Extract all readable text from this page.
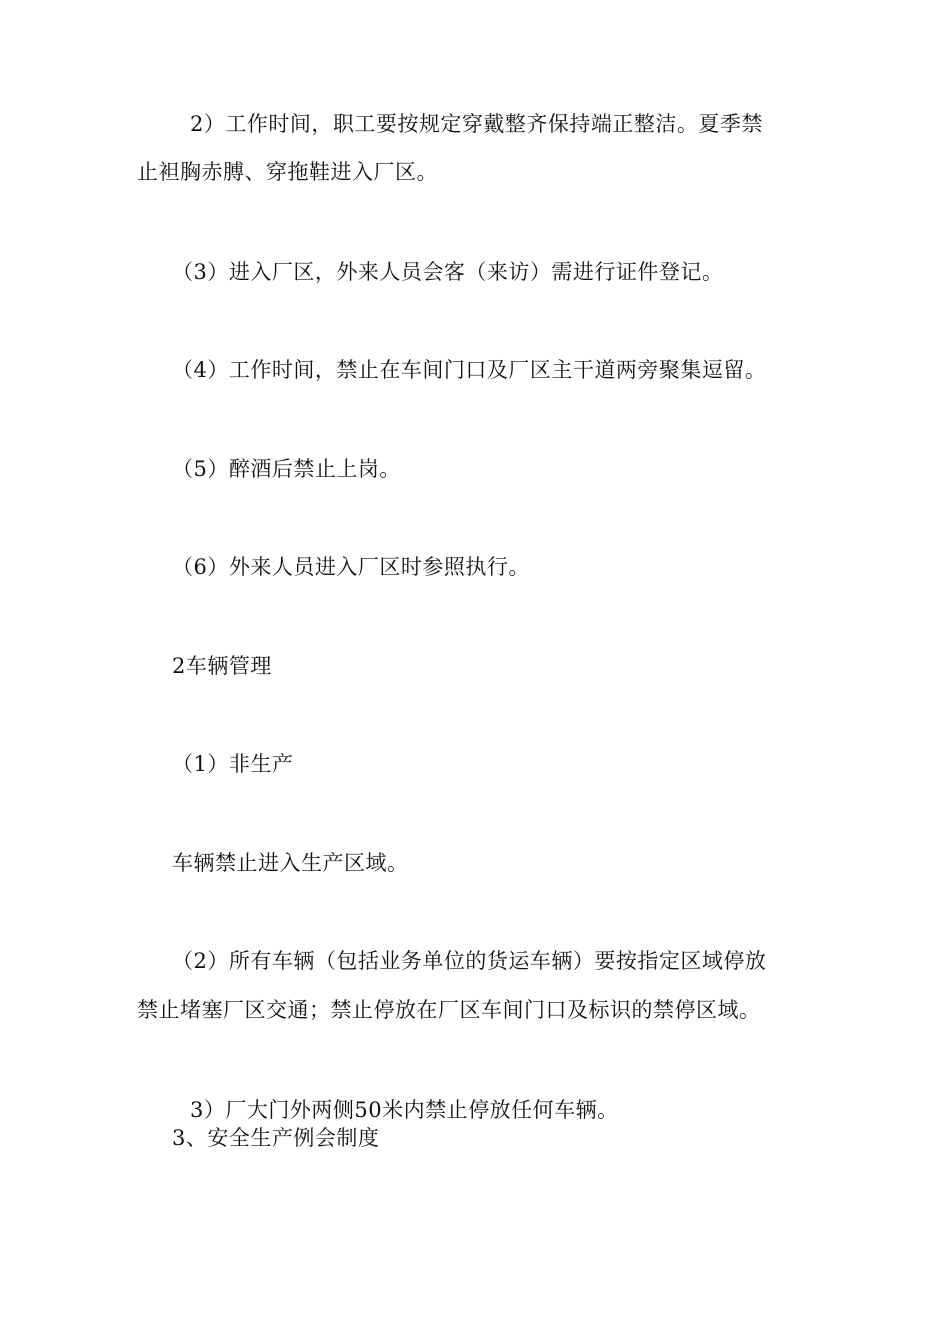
2）工作时间，职工要按规定穿戴整齐保持端正整洁。夏季禁
止袒胸赤膊、穿拖鞋进入厂区。
（3）进入厂区，外来人员会客（来访）需进行证件登记。
（4）工作时间，禁止在车间门口及厂区主干道两旁聚集逗留。
（5）醉酒后禁止上岗。
（6）外来人员进入厂区时参照执行。
2车辆管理
（1）非生产
车辆禁止进入生产区域。
（2）所有车辆（包括业务单位的货运车辆）要按指定区域停放
禁止堵塞厂区交通；禁止停放在厂区车间门口及标识的禁停区域。
3）厂大门外两侧50米内禁止停放任何车辆。
3、安全生产例会制度
